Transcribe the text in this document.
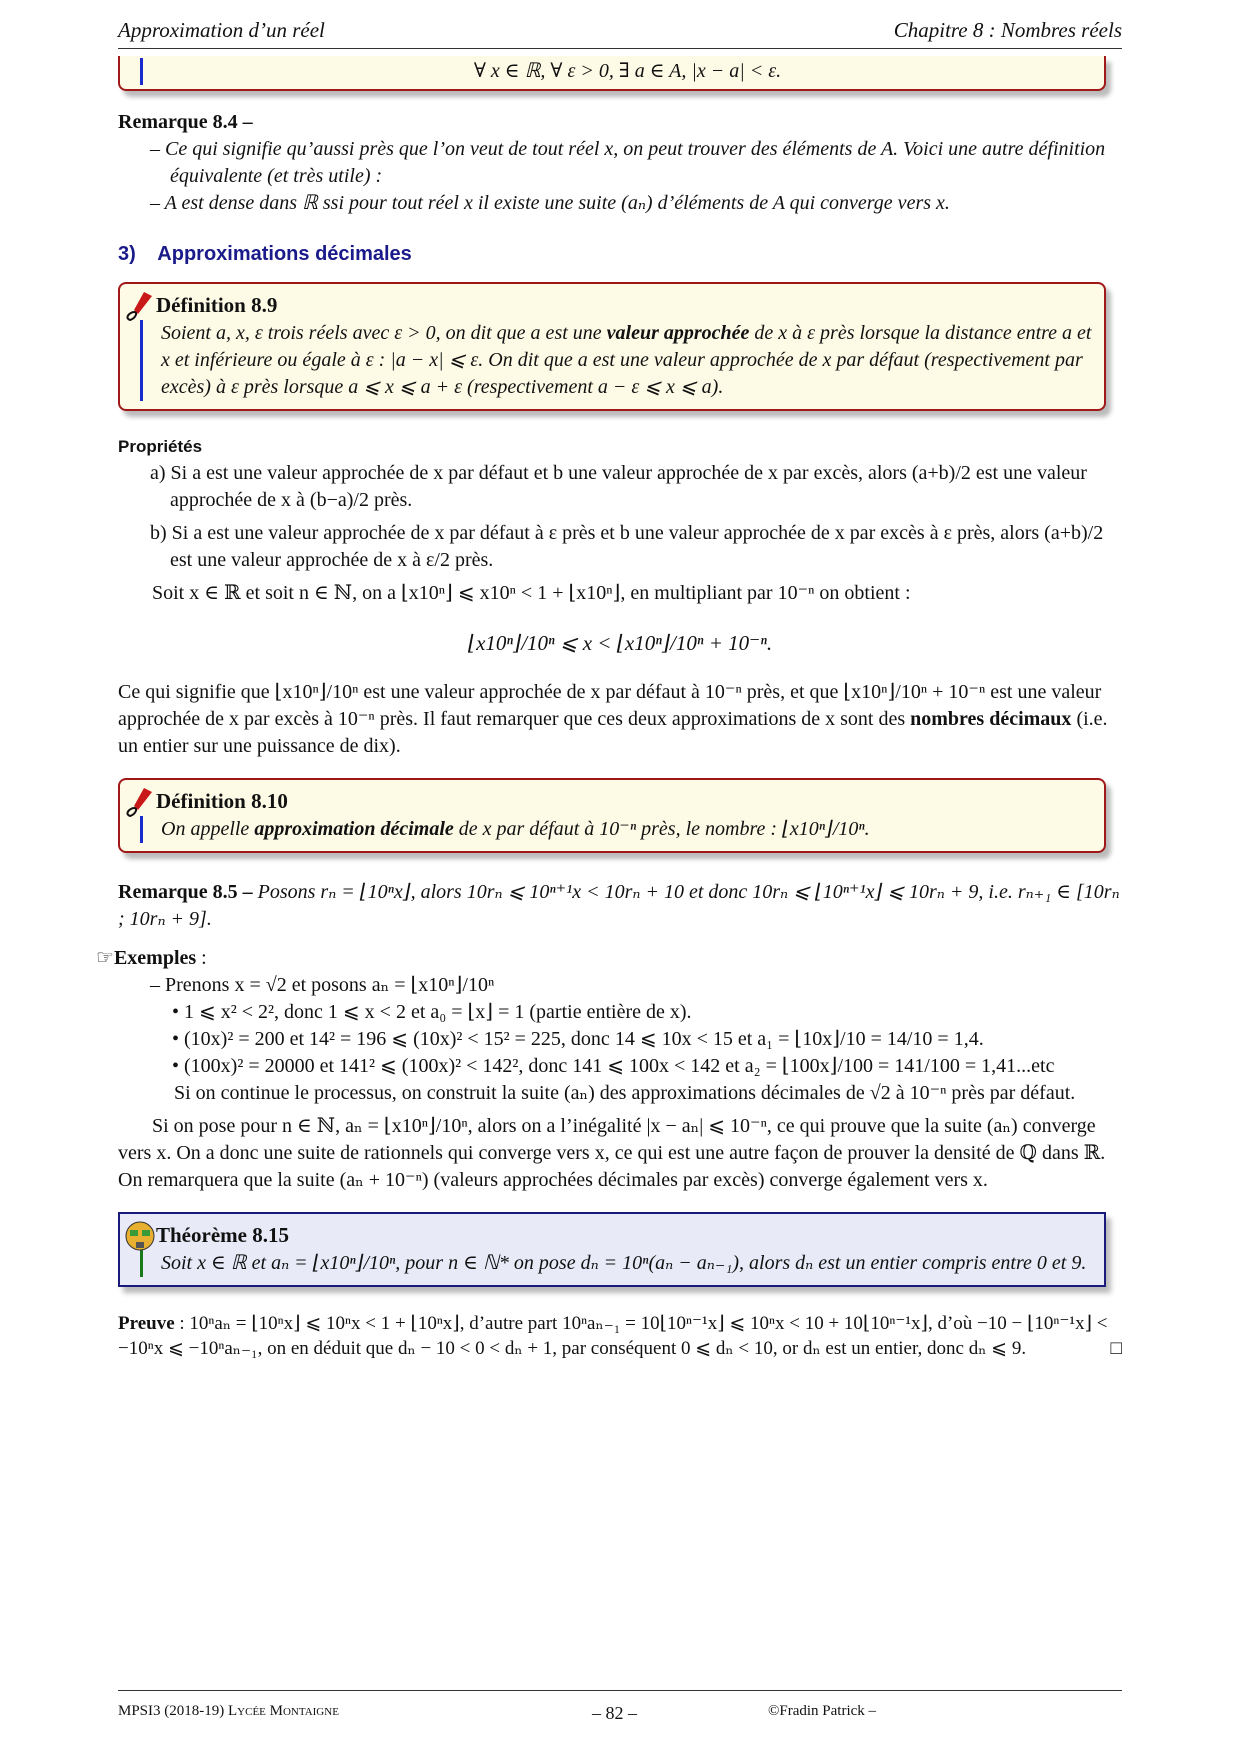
Approximation d’un réel	Chapitre 8 : Nombres réels
∀ x ∈ ℝ, ∀ ε > 0, ∃ a ∈ A, |x − a| < ε.
Remarque 8.4 –
– Ce qui signifie qu’aussi près que l’on veut de tout réel x, on peut trouver des éléments de A. Voici une autre définition équivalente (et très utile) :
– A est dense dans ℝ ssi pour tout réel x il existe une suite (aₙ) d’éléments de A qui converge vers x.
3) Approximations décimales
Définition 8.9
Soient a, x, ε trois réels avec ε > 0, on dit que a est une valeur approchée de x à ε près lorsque la distance entre a et x et inférieure ou égale à ε : |a − x| ⩽ ε. On dit que a est une valeur approchée de x par défaut (respectivement par excès) à ε près lorsque a ⩽ x ⩽ a + ε (respectivement a − ε ⩽ x ⩽ a).
Propriétés
a) Si a est une valeur approchée de x par défaut et b une valeur approchée de x par excès, alors (a+b)/2 est une valeur approchée de x à (b−a)/2 près.
b) Si a est une valeur approchée de x par défaut à ε près et b une valeur approchée de x par excès à ε près, alors (a+b)/2 est une valeur approchée de x à ε/2 près.
Soit x ∈ ℝ et soit n ∈ ℕ, on a ⌊x10ⁿ⌋ ⩽ x10ⁿ < 1 + ⌊x10ⁿ⌋, en multipliant par 10⁻ⁿ on obtient :
⌊x10ⁿ⌋/10ⁿ ⩽ x < ⌊x10ⁿ⌋/10ⁿ + 10⁻ⁿ.
Ce qui signifie que ⌊x10ⁿ⌋/10ⁿ est une valeur approchée de x par défaut à 10⁻ⁿ près, et que ⌊x10ⁿ⌋/10ⁿ + 10⁻ⁿ est une valeur approchée de x par excès à 10⁻ⁿ près. Il faut remarquer que ces deux approximations de x sont des nombres décimaux (i.e. un entier sur une puissance de dix).
Définition 8.10
On appelle approximation décimale de x par défaut à 10⁻ⁿ près, le nombre : ⌊x10ⁿ⌋/10ⁿ.
Remarque 8.5 – Posons rₙ = ⌊10ⁿx⌋, alors 10rₙ ⩽ 10ⁿ⁺¹x < 10rₙ + 10 et donc 10rₙ ⩽ ⌊10ⁿ⁺¹x⌋ ⩽ 10rₙ + 9, i.e. rₙ₊₁ ∈ [10rₙ ; 10rₙ + 9].
☞Exemples :
– Prenons x = √2 et posons aₙ = ⌊x10ⁿ⌋/10ⁿ
• 1 ⩽ x² < 2², donc 1 ⩽ x < 2 et a₀ = ⌊x⌋ = 1 (partie entière de x).
• (10x)² = 200 et 14² = 196 ⩽ (10x)² < 15² = 225, donc 14 ⩽ 10x < 15 et a₁ = ⌊10x⌋/10 = 14/10 = 1,4.
• (100x)² = 20000 et 141² ⩽ (100x)² < 142², donc 141 ⩽ 100x < 142 et a₂ = ⌊100x⌋/100 = 141/100 = 1,41...etc
Si on continue le processus, on construit la suite (aₙ) des approximations décimales de √2 à 10⁻ⁿ près par défaut.
Si on pose pour n ∈ ℕ, aₙ = ⌊x10ⁿ⌋/10ⁿ, alors on a l’inégalité |x − aₙ| ⩽ 10⁻ⁿ, ce qui prouve que la suite (aₙ) converge vers x. On a donc une suite de rationnels qui converge vers x, ce qui est une autre façon de prouver la densité de ℚ dans ℝ. On remarquera que la suite (aₙ + 10⁻ⁿ) (valeurs approchées décimales par excès) converge également vers x.
Théorème 8.15
Soit x ∈ ℝ et aₙ = ⌊x10ⁿ⌋/10ⁿ, pour n ∈ ℕ* on pose dₙ = 10ⁿ(aₙ − aₙ₋₁), alors dₙ est un entier compris entre 0 et 9.
Preuve : 10ⁿaₙ = ⌊10ⁿx⌋ ⩽ 10ⁿx < 1 + ⌊10ⁿx⌋, d’autre part 10ⁿaₙ₋₁ = 10⌊10ⁿ⁻¹x⌋ ⩽ 10ⁿx < 10 + 10⌊10ⁿ⁻¹x⌋, d’où −10 − ⌊10ⁿ⁻¹x⌋ < −10ⁿx ⩽ −10ⁿaₙ₋₁, on en déduit que dₙ − 10 < 0 < dₙ + 1, par conséquent 0 ⩽ dₙ < 10, or dₙ est un entier, donc dₙ ⩽ 9.	□
MPSI3 (2018-19) Lycée Montaigne	– 82 –	©Fradin Patrick –
